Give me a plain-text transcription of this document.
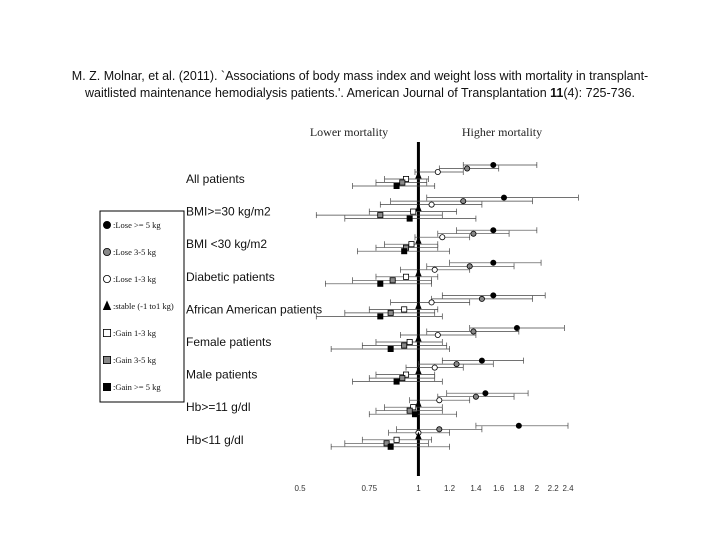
M. Z. Molnar, et al. (2011). `Associations of body mass index and weight loss with mortality in transplant-
waitlisted maintenance hemodialysis patients.'. American Journal of Transplantation 11(4): 725-736.
Lower mortality	Higher mortality
:Lose >= 5 kg
:Lose 3-5 kg
:Lose 1-3 kg
:stable (-1 to1 kg)
:Gain 1-3 kg
:Gain 3-5 kg
:Gain >= 5 kg
All patients
BMI>=30 kg/m2
BMI <30 kg/m2
Diabetic patients
African American patients
Female patients
Male patients
Hb>=11 g/dl
Hb<11 g/dl
0.5	0.75	1	1.2 1.4 1.6 1.8 2 2.2 2.4
